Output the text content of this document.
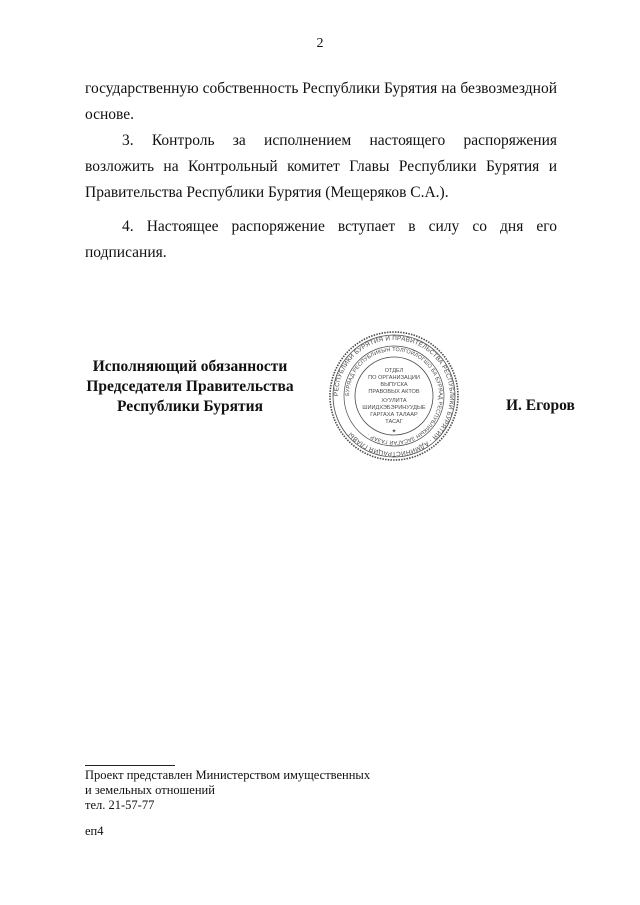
2

государственную собственность Республики Бурятия на безвозмездной основе.

3. Контроль за исполнением настоящего распоряжения возложить на Контрольный комитет Главы Республики Бурятия и Правительства Республики Бурятия (Мещеряков С.А.).

4. Настоящее распоряжение вступает в силу со дня его подписания.

Исполняющий обязанности
Председателя Правительства
Республики Бурятия
РЕСПУБЛИКИ БУРЯТИЯ И ПРАВИТЕЛЬСТВА РЕСПУБЛИКИ БУРЯТИЯ · АДМИНИСТРАЦИЯ ГЛАВЫ
БУРЯАД РЕСПУБЛИКЫН ТОЛГОЙЛОГШО БА БУРЯАД РЕСПУБЛИКЫН ЗАСАГАЙ ГАЗАР ·
ОТДЕЛ
ПО ОРГАНИЗАЦИИ
ВЫПУСКА
ПРАВОВЫХ АКТОВ
ХУУЛИТА
ШИИДХЭБЭРИНУУДЫЕ
ГАРГАХА ТАЛААР
ТАСАГ
✦
И. Егоров
Проект представлен Министерством имущественных
и земельных отношений
тел. 21-57-77
еп4
